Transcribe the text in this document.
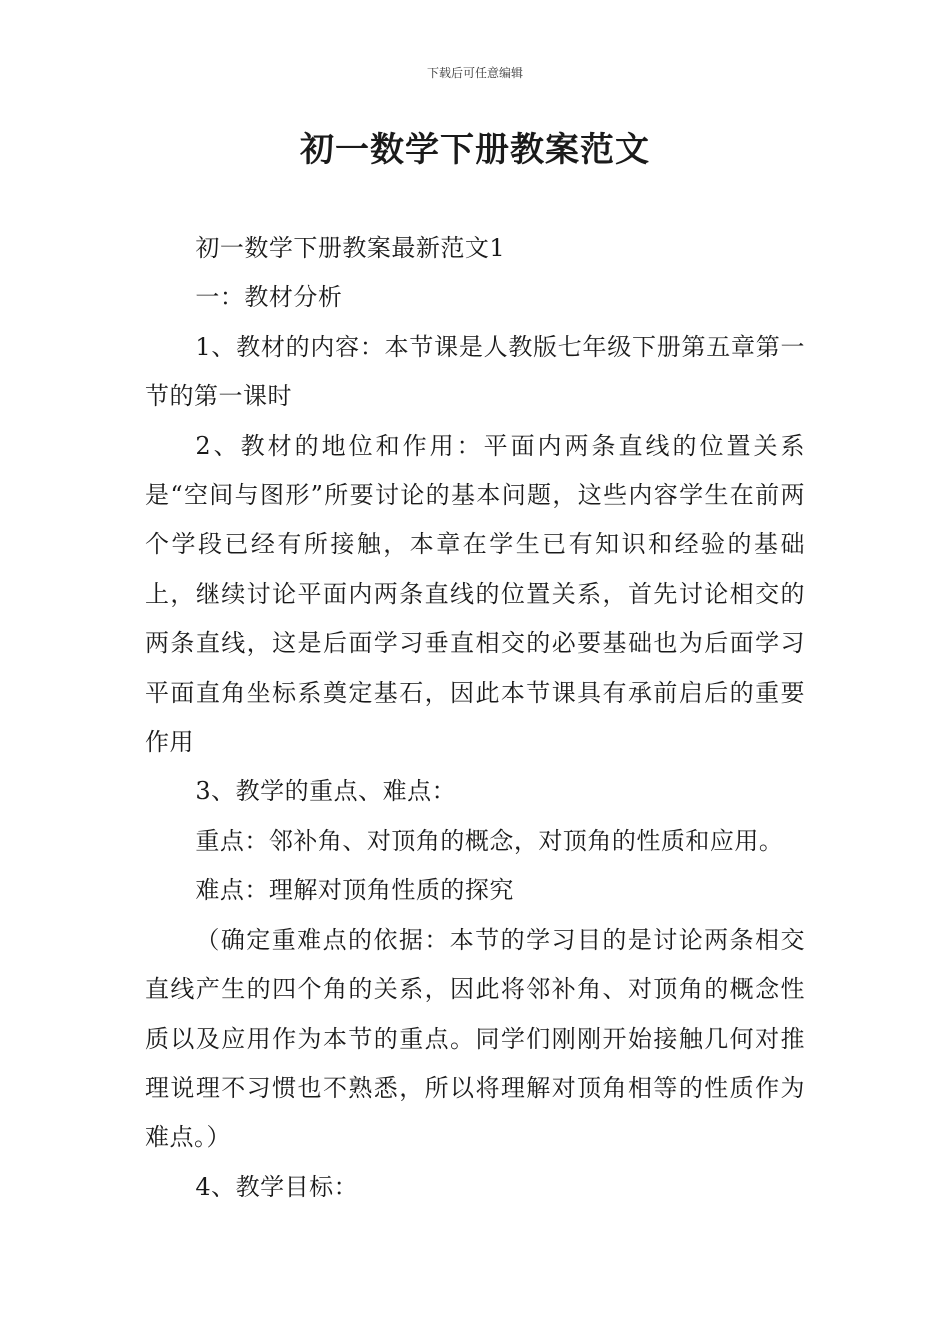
下载后可任意编辑
初一数学下册教案范文

初一数学下册教案最新范文1

一：教材分析

1、教材的内容：本节课是人教版七年级下册第五章第一节的第一课时

2、教材的地位和作用：平面内两条直线的位置关系是“空间与图形”所要讨论的基本问题，这些内容学生在前两个学段已经有所接触，本章在学生已有知识和经验的基础上，继续讨论平面内两条直线的位置关系，首先讨论相交的两条直线，这是后面学习垂直相交的必要基础也为后面学习平面直角坐标系奠定基石，因此本节课具有承前启后的重要作用

3、教学的重点、难点：

重点：邻补角、对顶角的概念，对顶角的性质和应用。

难点：理解对顶角性质的探究

（确定重难点的依据：本节的学习目的是讨论两条相交直线产生的四个角的关系，因此将邻补角、对顶角的概念性质以及应用作为本节的重点。同学们刚刚开始接触几何对推理说理不习惯也不熟悉，所以将理解对顶角相等的性质作为难点。）

4、教学目标：
